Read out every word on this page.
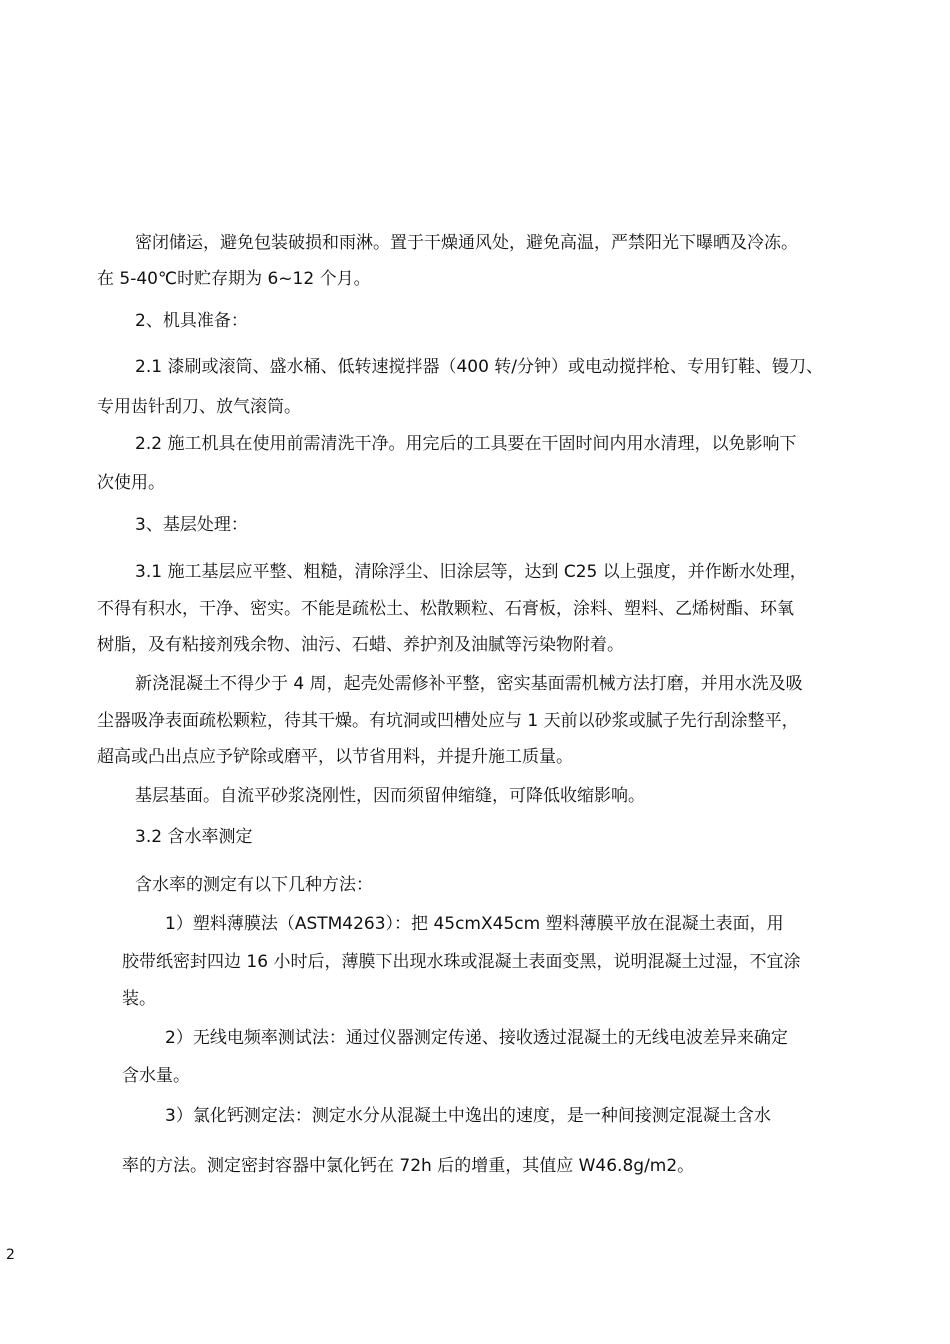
密闭储运，避免包装破损和雨淋。置于干燥通风处，避免高温，严禁阳光下曝晒及冷冻。
在 5-40℃时贮存期为 6~12 个月。
2、机具准备：
2.1 漆刷或滚筒、盛水桶、低转速搅拌器（400 转/分钟）或电动搅拌枪、专用钉鞋、镘刀、
专用齿针刮刀、放气滚筒。
2.2 施工机具在使用前需清洗干净。用完后的工具要在干固时间内用水清理，以免影响下
次使用。
3、基层处理：
3.1 施工基层应平整、粗糙，清除浮尘、旧涂层等，达到 C25 以上强度，并作断水处理，
不得有积水，干净、密实。不能是疏松土、松散颗粒、石膏板，涂料、塑料、乙烯树酯、环氧
树脂，及有粘接剂残余物、油污、石蜡、养护剂及油腻等污染物附着。
新浇混凝土不得少于 4 周，起壳处需修补平整，密实基面需机械方法打磨，并用水洗及吸
尘器吸净表面疏松颗粒，待其干燥。有坑洞或凹槽处应与 1 天前以砂浆或腻子先行刮涂整平，
超高或凸出点应予铲除或磨平，以节省用料，并提升施工质量。
基层基面。自流平砂浆浇刚性，因而须留伸缩缝，可降低收缩影响。
3.2 含水率测定
含水率的测定有以下几种方法：
1）塑料薄膜法（ASTM4263）：把 45cmX45cm 塑料薄膜平放在混凝土表面，用
胶带纸密封四边 16 小时后，薄膜下出现水珠或混凝土表面变黑，说明混凝土过湿，不宜涂
装。
2）无线电频率测试法：通过仪器测定传递、接收透过混凝土的无线电波差异来确定
含水量。
3）氯化钙测定法：测定水分从混凝土中逸出的速度，是一种间接测定混凝土含水
率的方法。测定密封容器中氯化钙在 72h 后的增重，其值应 W46.8g/m2。
2
